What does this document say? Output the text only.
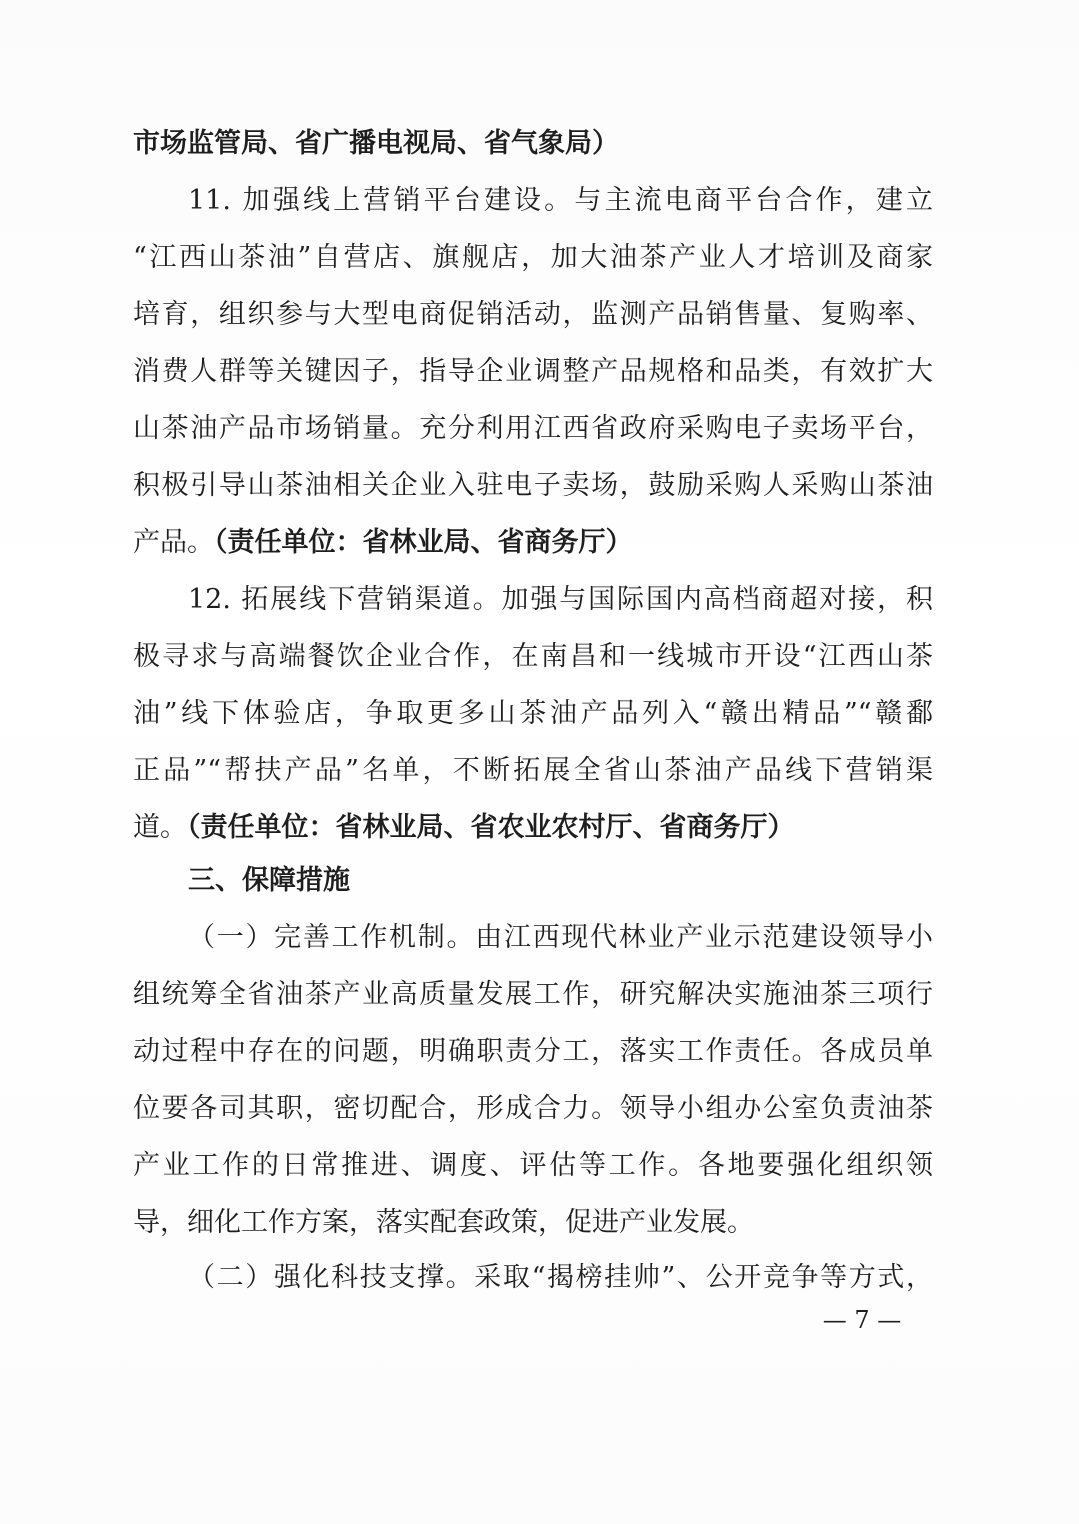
市场监管局、省广播电视局、省气象局）
11. 加强线上营销平台建设。与主流电商平台合作，建立
“江西山茶油”自营店、旗舰店，加大油茶产业人才培训及商家
培育，组织参与大型电商促销活动，监测产品销售量、复购率、
消费人群等关键因子，指导企业调整产品规格和品类，有效扩大
山茶油产品市场销量。充分利用江西省政府采购电子卖场平台，
积极引导山茶油相关企业入驻电子卖场，鼓励采购人采购山茶油
产品。（责任单位：省林业局、省商务厅）
12. 拓展线下营销渠道。加强与国际国内高档商超对接，积
极寻求与高端餐饮企业合作，在南昌和一线城市开设“江西山茶
油”线下体验店，争取更多山茶油产品列入“赣出精品”“赣鄱
正品”“帮扶产品”名单，不断拓展全省山茶油产品线下营销渠
道。（责任单位：省林业局、省农业农村厅、省商务厅）
三、保障措施
（一）完善工作机制。由江西现代林业产业示范建设领导小
组统筹全省油茶产业高质量发展工作，研究解决实施油茶三项行
动过程中存在的问题，明确职责分工，落实工作责任。各成员单
位要各司其职，密切配合，形成合力。领导小组办公室负责油茶
产业工作的日常推进、调度、评估等工作。各地要强化组织领
导，细化工作方案，落实配套政策，促进产业发展。
（二）强化科技支撑。采取“揭榜挂帅”、公开竞争等方式，
— 7 —
